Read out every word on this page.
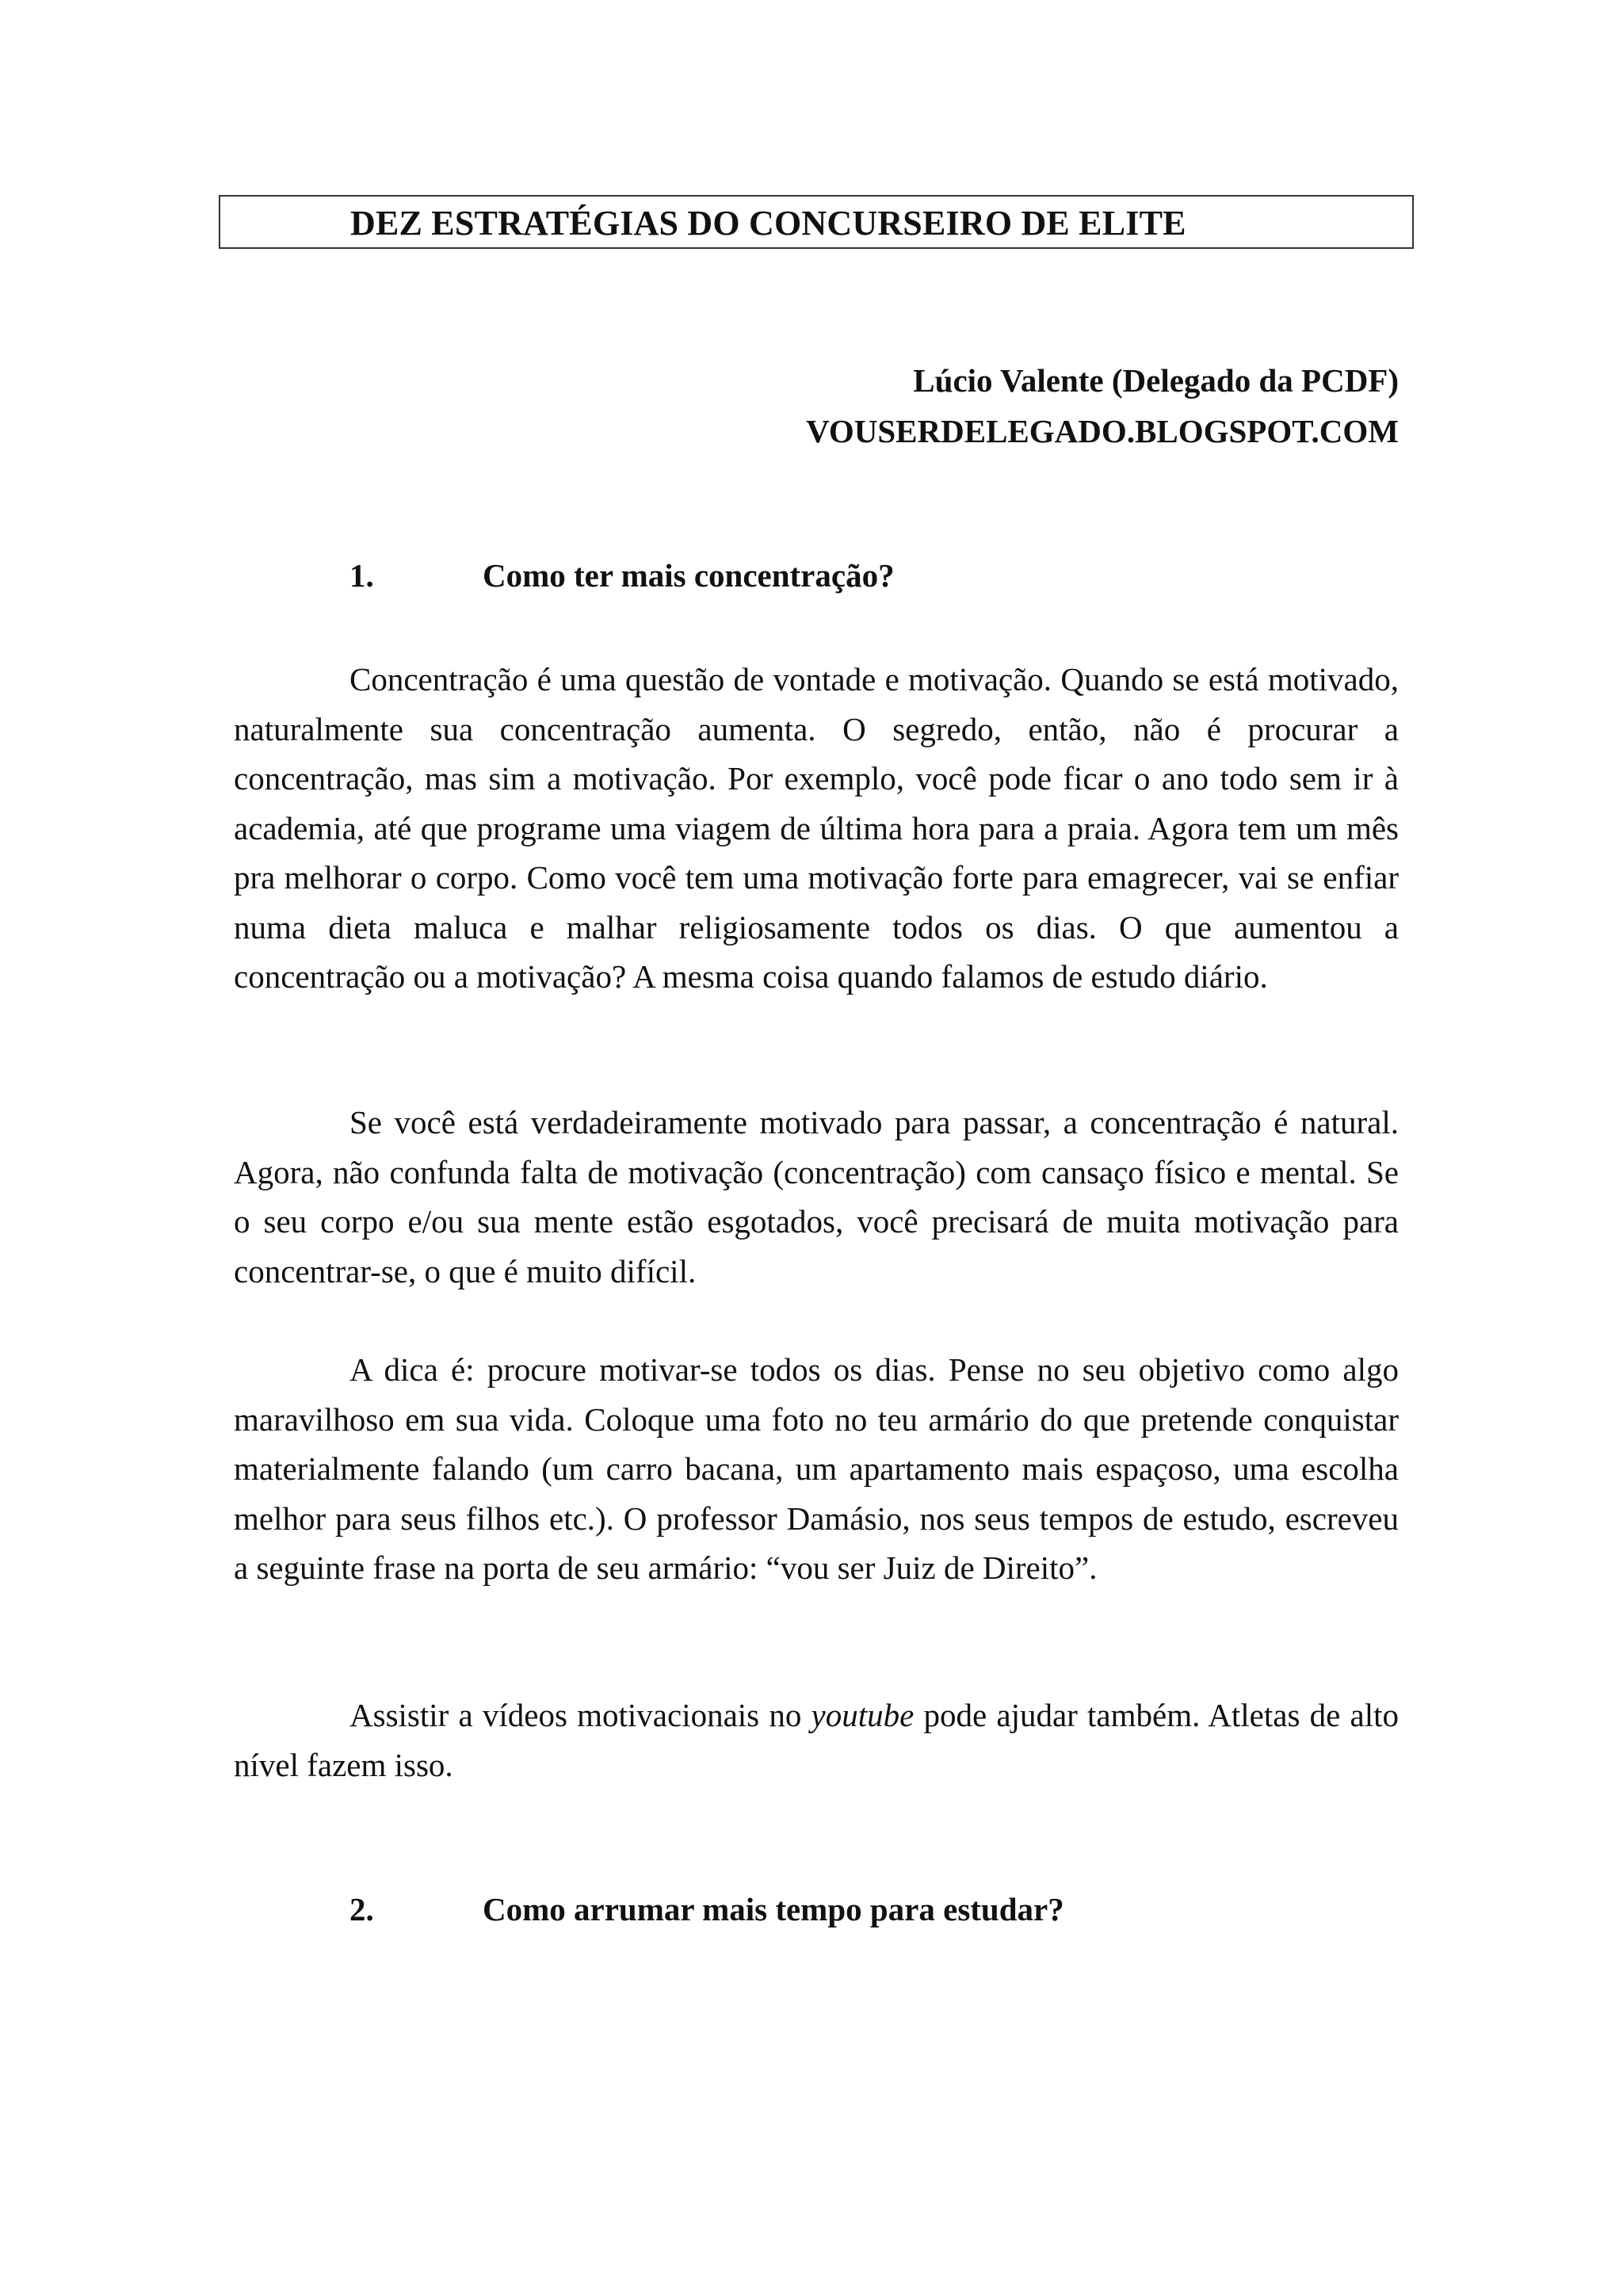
DEZ ESTRATÉGIAS DO CONCURSEIRO DE ELITE
Lúcio Valente (Delegado da PCDF)
VOUSERDELEGADO.BLOGSPOT.COM
1.	Como ter mais concentração?

Concentração é uma questão de vontade e motivação. Quando se está motivado, naturalmente sua concentração aumenta. O segredo, então, não é procurar a concentração, mas sim a motivação. Por exemplo, você pode ficar o ano todo sem ir à academia, até que programe uma viagem de última hora para a praia. Agora tem um mês pra melhorar o corpo. Como você tem uma motivação forte para emagrecer, vai se enfiar numa dieta maluca e malhar religiosamente todos os dias. O que aumentou a concentração ou a motivação? A mesma coisa quando falamos de estudo diário.

Se você está verdadeiramente motivado para passar, a concentração é natural. Agora, não confunda falta de motivação (concentração) com cansaço físico e mental. Se o seu corpo e/ou sua mente estão esgotados, você precisará de muita motivação para concentrar-se, o que é muito difícil.

A dica é: procure motivar-se todos os dias. Pense no seu objetivo como algo maravilhoso em sua vida. Coloque uma foto no teu armário do que pretende conquistar materialmente falando (um carro bacana, um apartamento mais espaçoso, uma escolha melhor para seus filhos etc.). O professor Damásio, nos seus tempos de estudo, escreveu a seguinte frase na porta de seu armário: “vou ser Juiz de Direito”.

Assistir a vídeos motivacionais no youtube pode ajudar também. Atletas de alto nível fazem isso.

2.	Como arrumar mais tempo para estudar?
